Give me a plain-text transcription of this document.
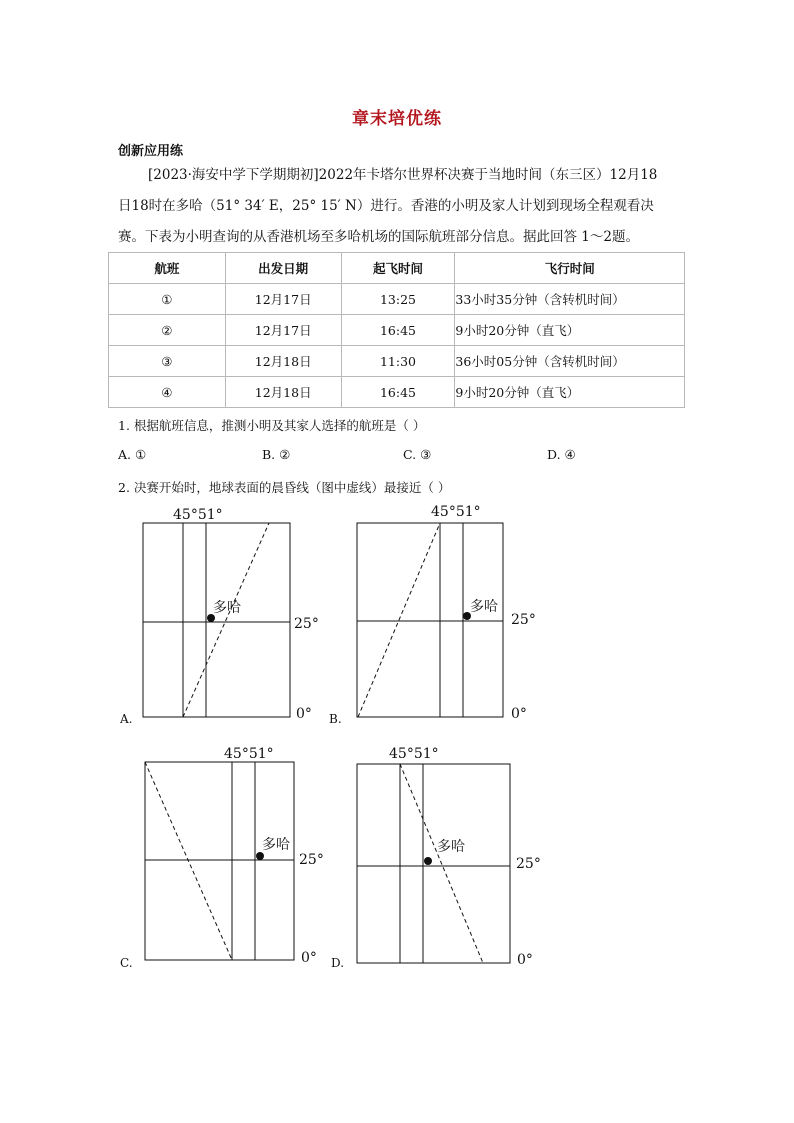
章末培优练
创新应用练
[2023·海安中学下学期期初]2022年卡塔尔世界杯决赛于当地时间（东三区）12月18
日18时在多哈（51° 34′ E，25° 15′ N）进行。香港的小明及家人计划到现场全程观看决
赛。下表为小明查询的从香港机场至多哈机场的国际航班部分信息。据此回答 1～2题。
航班	出发日期	起飞时间	飞行时间
①	12月17日	13:25	33小时35分钟（含转机时间）
②	12月17日	16:45	9小时20分钟（直飞）
③	12月18日	11:30	36小时05分钟（含转机时间）
④	12月18日	16:45	9小时20分钟（直飞）
1. 根据航班信息，推测小明及其家人选择的航班是（ ）
A. ①	B. ②	C. ③	D. ④
2. 决赛开始时，地球表面的晨昏线（图中虚线）最接近（ ）
45°51°
多哈
25°
0°
A.
45°51°
多哈
25°
0°
B.
45°51°
多哈
25°
0°
C.
45°51°
多哈
25°
0°
D.
